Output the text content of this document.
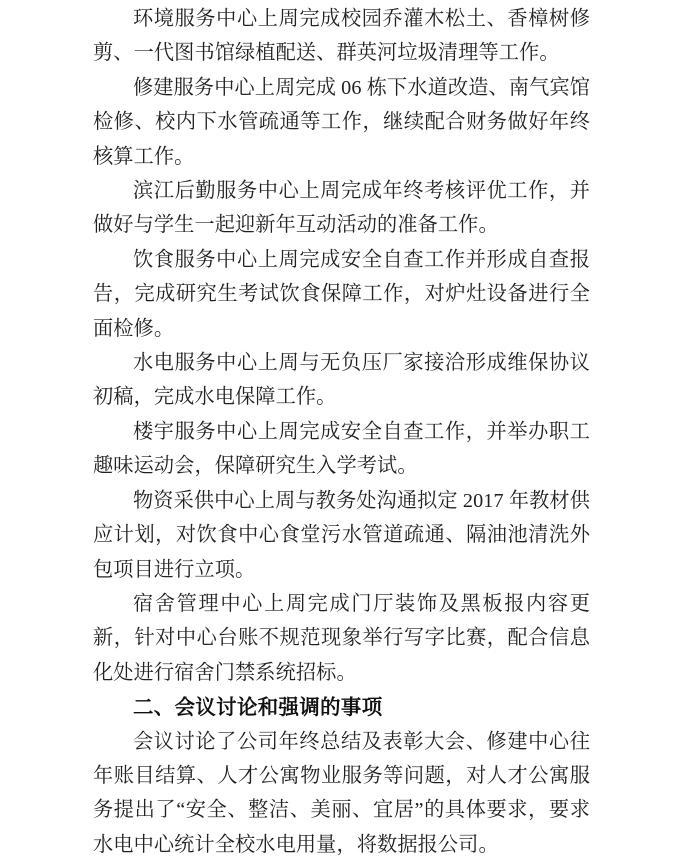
环境服务中心上周完成校园乔灌木松土、香樟树修剪、一代图书馆绿植配送、群英河垃圾清理等工作。

修建服务中心上周完成 06 栋下水道改造、南气宾馆检修、校内下水管疏通等工作，继续配合财务做好年终核算工作。

滨江后勤服务中心上周完成年终考核评优工作，并做好与学生一起迎新年互动活动的准备工作。

饮食服务中心上周完成安全自查工作并形成自查报告，完成研究生考试饮食保障工作，对炉灶设备进行全面检修。

水电服务中心上周与无负压厂家接洽形成维保协议初稿，完成水电保障工作。

楼宇服务中心上周完成安全自查工作，并举办职工趣味运动会，保障研究生入学考试。

物资采供中心上周与教务处沟通拟定 2017 年教材供应计划，对饮食中心食堂污水管道疏通、隔油池清洗外包项目进行立项。

宿舍管理中心上周完成门厅装饰及黑板报内容更新，针对中心台账不规范现象举行写字比赛，配合信息化处进行宿舍门禁系统招标。

二、会议讨论和强调的事项

会议讨论了公司年终总结及表彰大会、修建中心往年账目结算、人才公寓物业服务等问题，对人才公寓服务提出了“安全、整洁、美丽、宜居”的具体要求，要求水电中心统计全校水电用量，将数据报公司。
